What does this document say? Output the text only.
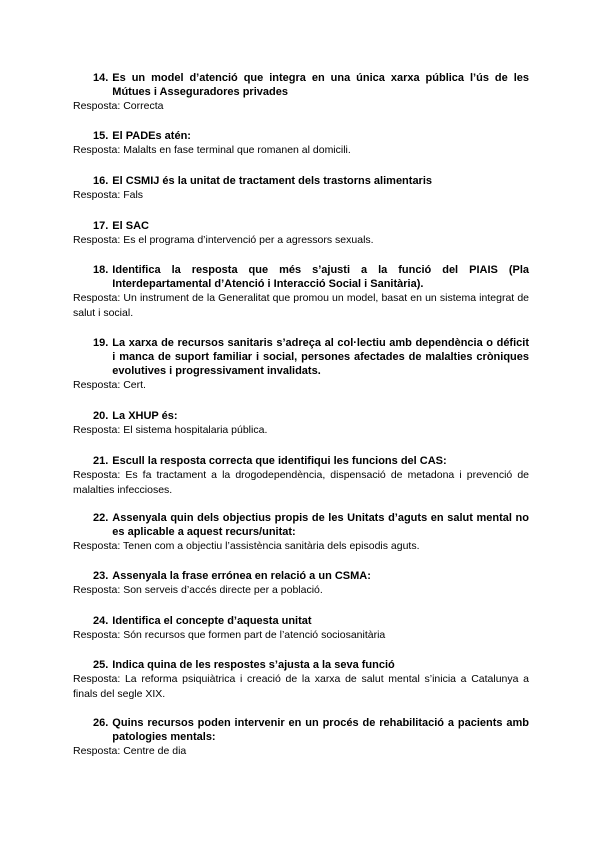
14. Es un model d’atenció que integra en una única xarxa pública l’ús de les Mútues i Asseguradores privades
Resposta: Correcta
15. El PADEs atén:
Resposta: Malalts en fase terminal que romanen al domicili.
16. El CSMIJ és la unitat de tractament dels trastorns alimentaris
Resposta: Fals
17. El SAC
Resposta: Es el programa d’intervenció per a agressors sexuals.
18. Identifica la resposta que més s’ajusti a la funció del PIAIS (Pla Interdepartamental d’Atenció i Interacció Social i Sanitària).
Resposta: Un instrument de la Generalitat que promou un model, basat en un sistema integrat de salut i social.
19. La xarxa de recursos sanitaris s’adreça al col·lectiu amb dependència o déficit i manca de suport familiar i social, persones afectades de malalties cròniques evolutives i progressivament invalidats.
Resposta: Cert.
20. La XHUP és:
Resposta: El sistema hospitalaria pública.
21. Escull la resposta correcta que identifiqui les funcions del CAS:
Resposta: Es fa tractament a la drogodependència, dispensació de metadona i prevenció de malalties infeccioses.
22. Assenyala quin dels objectius propis de les Unitats d’aguts en salut mental no es aplicable a aquest recurs/unitat:
Resposta: Tenen com a objectiu l’assistència sanitària dels episodis aguts.
23. Assenyala la frase errónea en relació a un CSMA:
Resposta: Son serveis d’accés directe per a població.
24. Identifica el concepte d’aquesta unitat
Resposta: Són recursos que formen part de l’atenció sociosanitària
25. Indica quina de les respostes s’ajusta a la seva funció
Resposta: La reforma psiquiàtrica i creació de la xarxa de salut mental s’inicia a Catalunya a finals del segle XIX.
26. Quins recursos poden intervenir en un procés de rehabilitació a pacients amb patologies mentals:
Resposta: Centre de dia
